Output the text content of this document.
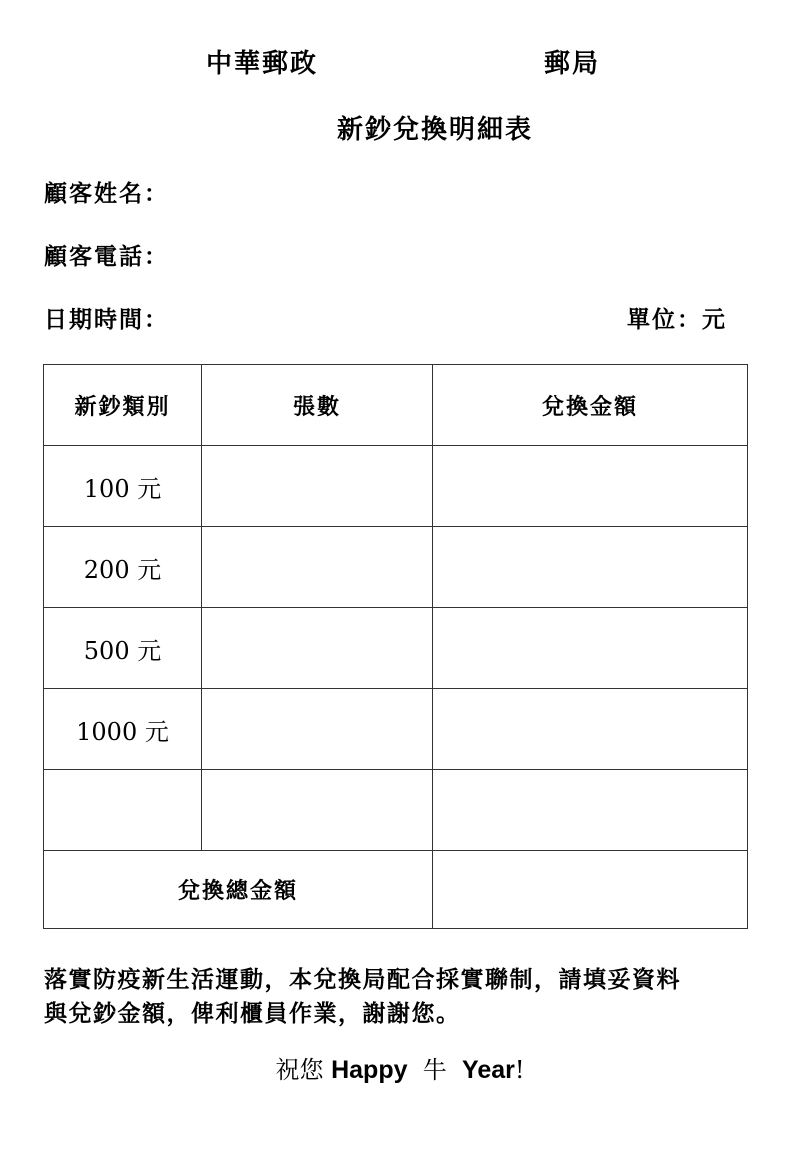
中華郵政	郵局
新鈔兌換明細表
顧客姓名：
顧客電話：
日期時間：	單位：元
新鈔類別	張數	兌換金額
100 元		
200 元		
500 元		
1000 元		

兌換總金額		
落實防疫新生活運動，本兌換局配合採實聯制，請填妥資料
與兌鈔金額，俾利櫃員作業，謝謝您。
祝您 Happy 牛 Year!
